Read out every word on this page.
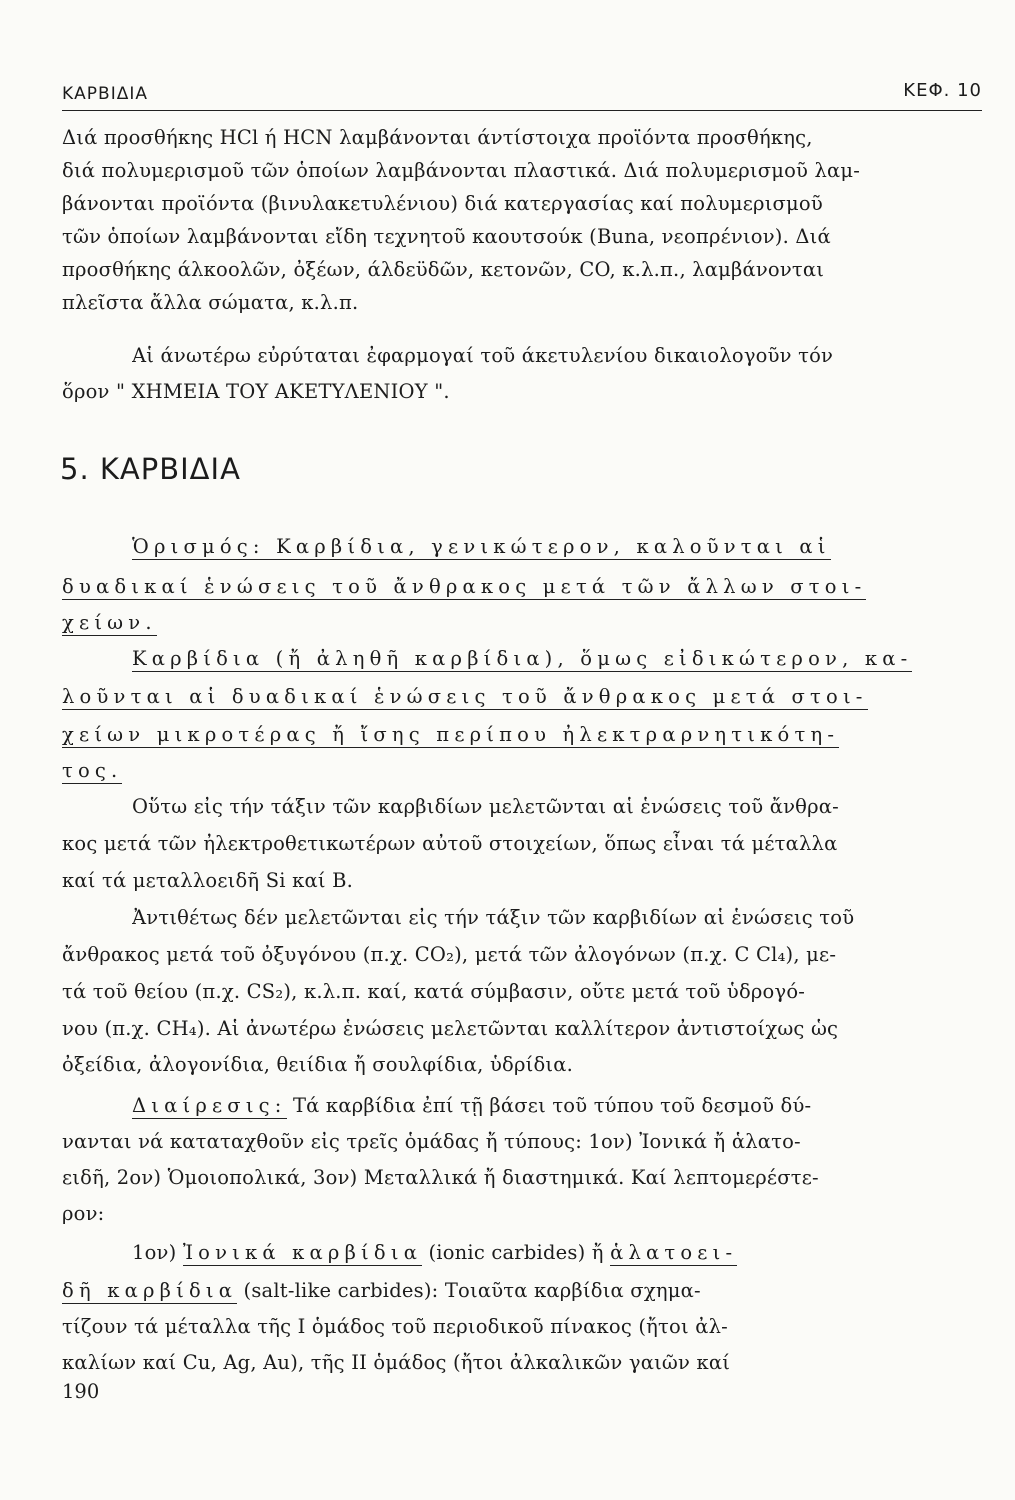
ΚΑΡΒΙΔΙΑ	ΚΕΦ. 10
Διά προσθήκης HCl ή HCN λαμβάνονται άντίστοιχα προϊόντα προσθήκης,
διά πολυμερισμοῦ τῶν ὁποίων λαμβάνονται πλαστικά. Διά πολυμερισμοῦ λαμ-
βάνονται προϊόντα (βινυλακετυλένιου) διά κατεργασίας καί πολυμερισμοῦ
τῶν ὁποίων λαμβάνονται εἴδη τεχνητοῦ καουτσούκ (Βuna, νεοπρένιον). Διά
προσθήκης άλκοολῶν, ὀξέων, άλδεϋδῶν, κετονῶν, CO, κ.λ.π., λαμβάνονται
πλεῖστα ἄλλα σώματα, κ.λ.π.
Αἱ άνωτέρω εὐρύταται ἐφαρμογαί τοῦ άκετυλενίου δικαιολογοῦν τόν
ὅρον " ΧΗΜΕΙΑ ΤΟΥ ΑΚΕΤΥΛΕΝΙΟΥ ".
5. ΚΑΡΒΙΔΙΑ
Ὁρισμός: Καρβίδια, γενικώτερον, καλοῦνται αἱ
δυαδικαί ἑνώσεις τοῦ ἄνθρακος μετά τῶν ἄλλων στοι-
χείων.
Καρβίδια (ἤ ἀληθῆ καρβίδια), ὅμως εἰδικώτερον, κα-
λοῦνται αἱ δυαδικαί ἑνώσεις τοῦ ἄνθρακος μετά στοι-
χείων μικροτέρας ἤ ἴσης περίπου ἠλεκτραρνητικότη-
τος.
Οὕτω εἰς τήν τάξιν τῶν καρβιδίων μελετῶνται αἱ ἑνώσεις τοῦ ἄνθρα-
κος μετά τῶν ἠλεκτροθετικωτέρων αὐτοῦ στοιχείων, ὅπως εἶναι τά μέταλλα
καί τά μεταλλοειδῆ Si καί B.
Ἀντιθέτως δέν μελετῶνται εἰς τήν τάξιν τῶν καρβιδίων αἱ ἑνώσεις τοῦ
ἄνθρακος μετά τοῦ ὀξυγόνου (π.χ. CO₂), μετά τῶν ἀλογόνων (π.χ. C Cl₄), με-
τά τοῦ θείου (π.χ. CS₂), κ.λ.π. καί, κατά σύμβασιν, οὔτε μετά τοῦ ὑδρογό-
νου (π.χ. CH₄). Αἱ ἀνωτέρω ἑνώσεις μελετῶνται καλλίτερον ἀντιστοίχως ὡς
ὀξείδια, ἀλογονίδια, θειίδια ἤ σουλφίδια, ὑδρίδια.
Διαίρεσις: Τά καρβίδια ἐπί τῇ βάσει τοῦ τύπου τοῦ δεσμοῦ δύ-
νανται νά καταταχθοῦν εἰς τρεῖς ὁμάδας ἤ τύπους: 1ον) Ἰονικά ἤ ἁλατο-
ειδῆ, 2ον) Ὁμοιοπολικά, 3ον) Μεταλλικά ἤ διαστημικά. Καί λεπτομερέστε-
ρον:
1ον) Ἰονικά καρβίδια (ionic carbides) ἤ ἁλατοει-
δῆ καρβίδια (salt-like carbides): Τοιαῦτα καρβίδια σχημα-
τίζουν τά μέταλλα τῆς I ὁμάδος τοῦ περιοδικοῦ πίνακος (ἤτοι ἀλ-
καλίων καί Cu, Ag, Au), τῆς II ὁμάδος (ἤτοι ἀλκαλικῶν γαιῶν καί
190
